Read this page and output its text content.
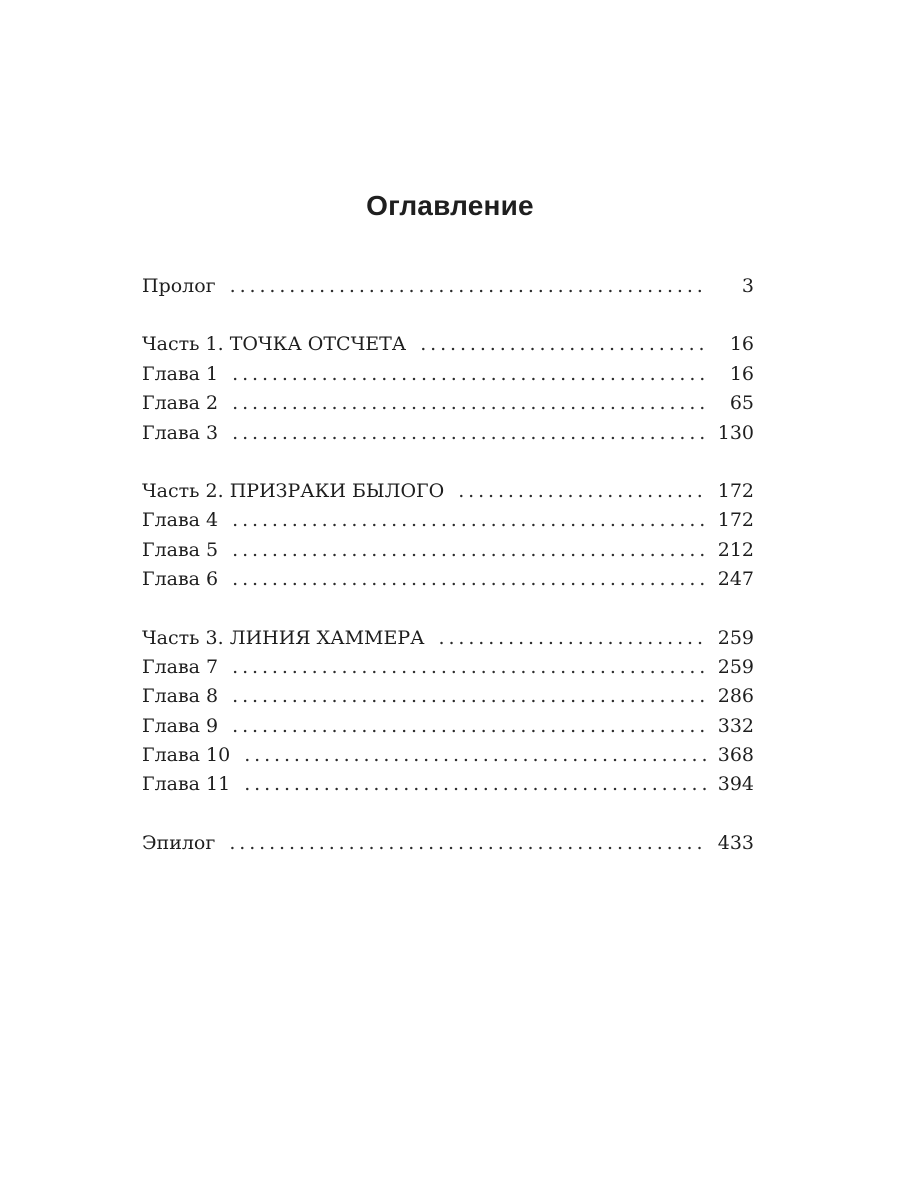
Оглавление
Пролог .....	3
Часть 1. ТОЧКА ОТСЧЕТА .....	16
Глава 1 .....	16
Глава 2 .....	65
Глава 3 .....	130
Часть 2. ПРИЗРАКИ БЫЛОГО .....	172
Глава 4 .....	172
Глава 5 .....	212
Глава 6 .....	247
Часть 3. ЛИНИЯ ХАММЕРА .....	259
Глава 7 .....	259
Глава 8 .....	286
Глава 9 .....	332
Глава 10 .....	368
Глава 11 .....	394
Эпилог .....	433
